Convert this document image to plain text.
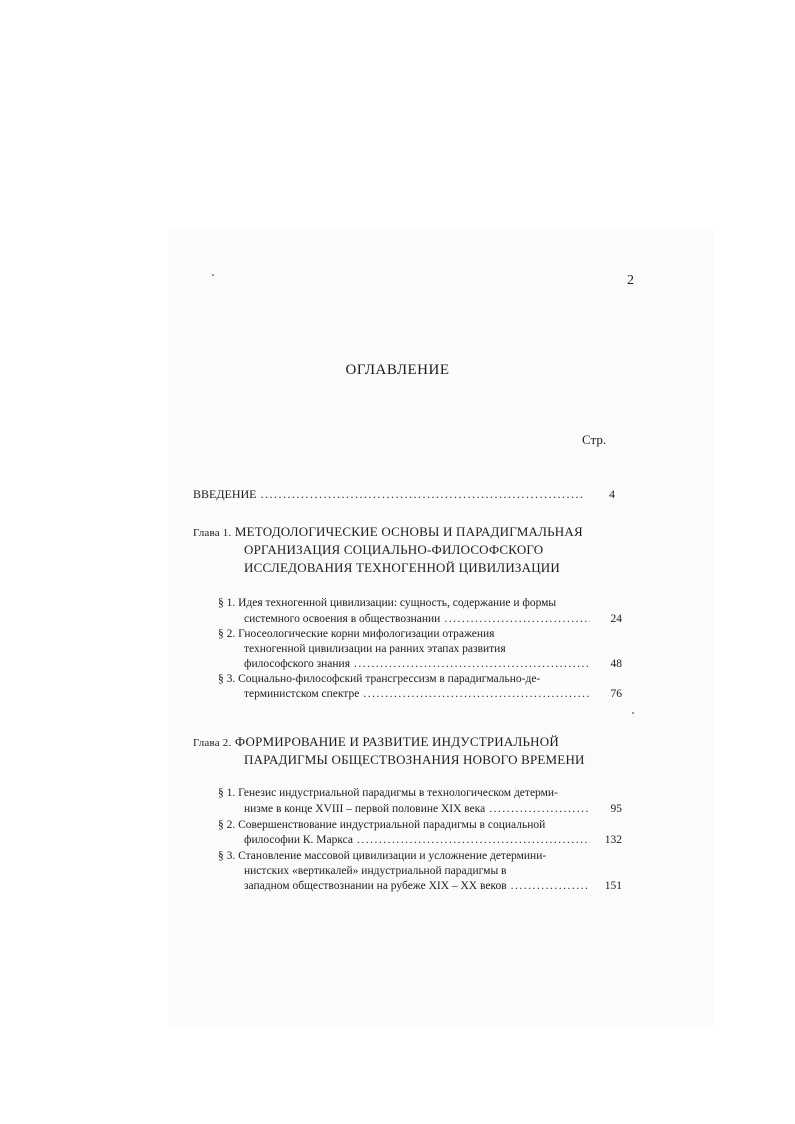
2
ОГЛАВЛЕНИЕ
Стр.
ВВЕДЕНИЕ .....	4
Глава 1. МЕТОДОЛОГИЧЕСКИЕ ОСНОВЫ И ПАРАДИГМАЛЬНАЯ
ОРГАНИЗАЦИЯ СОЦИАЛЬНО-ФИЛОСОФСКОГО
ИССЛЕДОВАНИЯ ТЕХНОГЕННОЙ ЦИВИЛИЗАЦИИ
§ 1. Идея техногенной цивилизации: сущность, содержание и формы
системного освоения в обществознании .....	24
§ 2. Гносеологические корни мифологизации отражения
техногенной цивилизации на ранних этапах развития
философского знания .....	48
§ 3. Социально-философский трансгрессизм в парадигмально-де-
терминистском спектре .....	76
Глава 2. ФОРМИРОВАНИЕ И РАЗВИТИЕ ИНДУСТРИАЛЬНОЙ
ПАРАДИГМЫ ОБЩЕСТВОЗНАНИЯ НОВОГО ВРЕМЕНИ
§ 1. Генезис индустриальной парадигмы в технологическом детерми-
низме в конце XVIII – первой половине XIX века .....	95
§ 2. Совершенствование индустриальной парадигмы в социальной
философии К. Маркса .....	132
§ 3. Становление массовой цивилизации и усложнение детермини-
нистских «вертикалей» индустриальной парадигмы в
западном обществознании на рубеже XIX – XX веков .....	151
